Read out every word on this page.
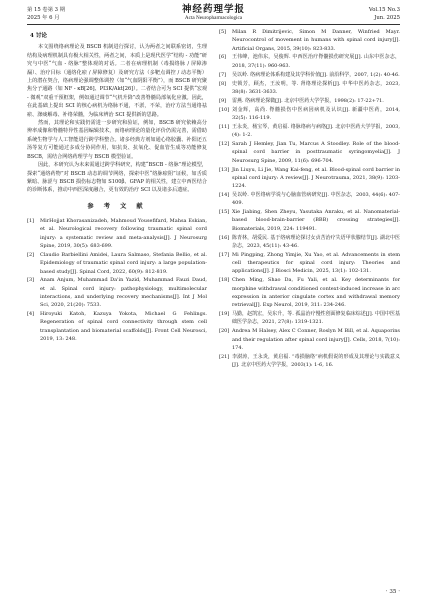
第 15 卷第 3 期
2025 年 6 月
神经药理学报
Acta Neuropharmacologica
Vol.15 No.3
Jun. 2025
4 讨论

本文围绕络病理论及 BSCB 机制进行探讨，认为两者之间联系密切，生理结构及病理机制具有极大相关性，两者之间，本质上是现代医学“结构 - 功能”研究与中医“气血 - 络脉”整体观的对话。二者在病理机制（毒损络脉 / 屏障渗漏）、治疗目标（通络化瘀 / 屏障修复）及研究方法（多靶点调控 / 动态平衡）上的潜在契合，络病理论强调整体调控（如“气血阴阳平衡”），而 BSCB 研究聚焦分子通路（如 NF - κB[26]、PI3K/Akt[26]）。二者结合可为 SCI 提供“宏观 - 微观”双重干预框架，例如通过调节“气机升降”改善脊髓局部氧化应激。因此，在此基础上提出 SCI 的核心病机为络脉不通，不淤，不荣，治疗方法当通络祛瘀、涤痰解毒、补络荣髓，为临床辨治 SCI 提供新的思路。

然而，其理论和实践仍需进一步研究和验证，例如，BSCB 研究依赖高分辨率成像和脊髓特异性基因编辑技术，而络病理论的量化评价仍需完善，需借助系统生物学与人工智能进行跨学科整合。诸多经典方剂如通心络胶囊、补阳还五汤等复方可能通过多成分协同作用，如抗炎、抗氧化、促血管生成等功能修复 BSCB，需结合网络药理学与 BSCB 模型验证。

因此，本研究认为未来需通过跨学科研究，构建“BSCB - 络脉”理论模型，探索“通络药物”对 BSCB 动态的调节网络，探索中医“络脉瘀阻”证候，如舌质紫暗、脉涩与 BSCB 损伤标志物如 S100β、GFAP 的相关性，建立中西医结合的诊断体系，推动中西医深度融合，更有效的治疗 SCI 以及诸多后遗症。

参 考 文 献
[1]	MirHojjat Khorasanizadeh, Mahmoud Yousefifard, Mahsa Eskian, et al. Neurological recovery following traumatic spinal cord injury: a systematic review and meta-analysis[J]. J Neurosurg Spine, 2019, 30(5): 683-699.
[2]	Claudio Barbiellini Amidei, Laura Salmaso, Stefania Bellio, et al. Epidemiology of traumatic spinal cord injury: a large population-based study[J]. Spinal Cord, 2022, 60(9): 812-819.
[3]	Anam Anjum, Muhammad Da'in Yazid, Muhammad Fauzi Daud, et al. Spinal cord injury: pathophysiology, multimolecular interactions, and underlying recovery mechanisms[J]. Int J Mol Sci, 2020, 21(20): 7533.
[4]	Hiroyuki Katoh, Kazuya Yokota, Michael G Fehlings. Regeneration of spinal cord connectivity through stem cell transplantation and biomaterial scaffolds[J]. Front Cell Neurosci, 2019, 13: 248.
[5]	Milan R Dimitrijevic, Simon M Danner, Winfried Mayr. Neurocontrol of movement in humans with spinal cord injury[J]. Artificial Organs, 2015, 39(10): 823-833.
[6]	王伟峰，池伟东，吴俊辉. 中西医治疗脊髓损伤研究展[J]. 山东中医杂志，2018, 37(11): 960-963.
[7]	吴以岭. 络病理论体系构建及其学科价值[J]. 前沿科学，2007, 1(2): 40-46.
[8]	史锁芳，顾杰，王汝明，等. 肾络理论探析[J]. 中华中医药杂志，2023, 38(8): 3631-3633.
[9]	雷燕. 络病理论探微[J]. 北京中医药大学学报，1998(2): 17-22+71.
[10] 刘金辉，高尚. 脊髓损伤中医病因病机及认识[J]. 新疆中医药，2014, 32(5): 116-119.
[11] 王永炎，杨宝琴，黄启福. 络脉络病与病络[J]. 北京中医药大学学报，2003, (4): 1-2.
[12] Sarah J Hemley, Jian Tu, Marcus A Stoodley. Role of the blood-spinal cord barrier in posttraumatic syringomyelia[J]. J Neurosurg Spine, 2009, 11(6): 696-704.
[13] Jin Liuyu, Li Jie, Wang Kai-feng, et al. Blood-spinal cord barrier in spinal cord injury: A review[J]. J Neurotrauma, 2021, 38(9): 1203-1224.
[14] 吴以岭. 中医络病学说与心脑血管病研究[J]. 中医杂志，2003, 44(6): 407-409.
[15] Xie Jiabing, Shen Zheyu, Yasutaka Anraku, et al. Nanomaterial-based blood-brain-barrier (BBB) crossing strategies[J]. Biomaterials, 2019, 224: 119491.
[16] 陈青林，胡爱民. 基于络病理论探讨女贞苦治疗失语甲状腺结节[J]. 湖北中医杂志，2023, 45(11): 43-46.
[17] Mi Pingping, Zhong Yimjie, Xu Yao, et al. Advancements in stem cell therapeutics for spinal cord injury: Theories and applications[J]. J Biosci Medicin, 2025, 13(1): 102-131.
[18] Chen Ming, Shao Da, Fu Yali, et al. Key determinants for morphine withdrawal conditioned context-induced increase in arc expression in anterior cingulate cortex and withdrawal memory retrieval[J]. Exp Neurol, 2019, 311: 234-246.
[19] 马勤，赵凯宏，吴东升，等. 孤晶治疗慢性创面修复临床综述[J]. 中国中医基础医学杂志，2021, 27(8): 1319-1321.
[20] Andrea M Halsey, Alex C Conner, Roslyn M Bill, et al. Aquaporins and their regulation after spinal cord injury[J]. Cells, 2018, 7(10): 174.
[21] 李澍涛，王永炎，黄启福. “毒损脑络”病机假说的形成及其理论与实践意义[J]. 北京中医药大学学报，2003(1): 1-6, 16.
· 35 ·
